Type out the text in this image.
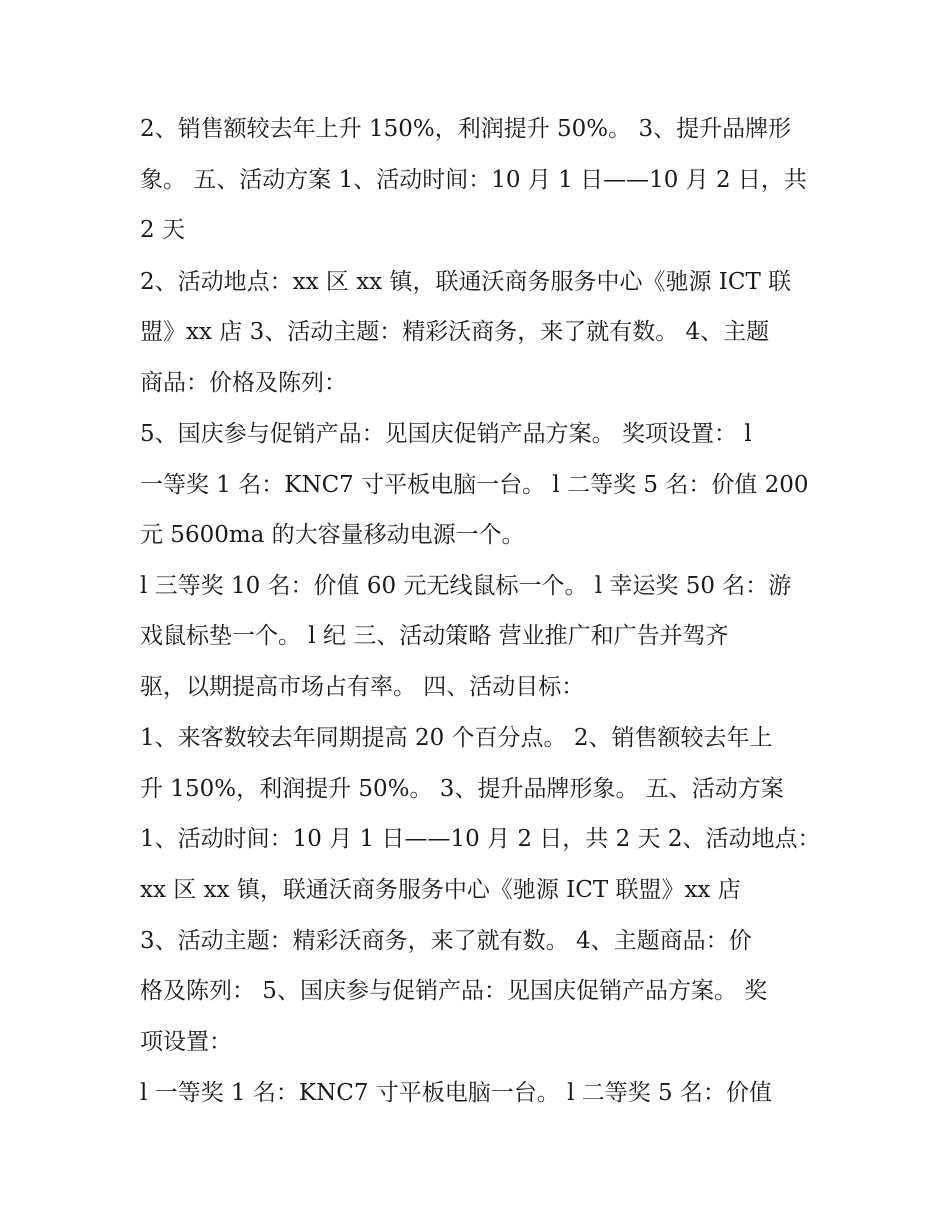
2、销售额较去年上升 150%，利润提升 50%。 3、提升品牌形
象。 五、活动方案 1、活动时间：10 月 1 日——10 月 2 日，共
2 天
2、活动地点：xx 区 xx 镇，联通沃商务服务中心《驰源 ICT 联
盟》xx 店 3、活动主题：精彩沃商务，来了就有数。 4、主题
商品：价格及陈列：
5、国庆参与促销产品：见国庆促销产品方案。 奖项设置： l
一等奖 1 名：KNC7 寸平板电脑一台。 l 二等奖 5 名：价值 200
元 5600ma 的大容量移动电源一个。
l 三等奖 10 名：价值 60 元无线鼠标一个。 l 幸运奖 50 名：游
戏鼠标垫一个。 l 纪 三、活动策略 营业推广和广告并驾齐
驱，以期提高市场占有率。 四、活动目标：
1、来客数较去年同期提高 20 个百分点。 2、销售额较去年上
升 150%，利润提升 50%。 3、提升品牌形象。 五、活动方案
1、活动时间：10 月 1 日——10 月 2 日，共 2 天 2、活动地点：
xx 区 xx 镇，联通沃商务服务中心《驰源 ICT 联盟》xx 店
3、活动主题：精彩沃商务，来了就有数。 4、主题商品：价
格及陈列： 5、国庆参与促销产品：见国庆促销产品方案。 奖
项设置：
l 一等奖 1 名：KNC7 寸平板电脑一台。 l 二等奖 5 名：价值
